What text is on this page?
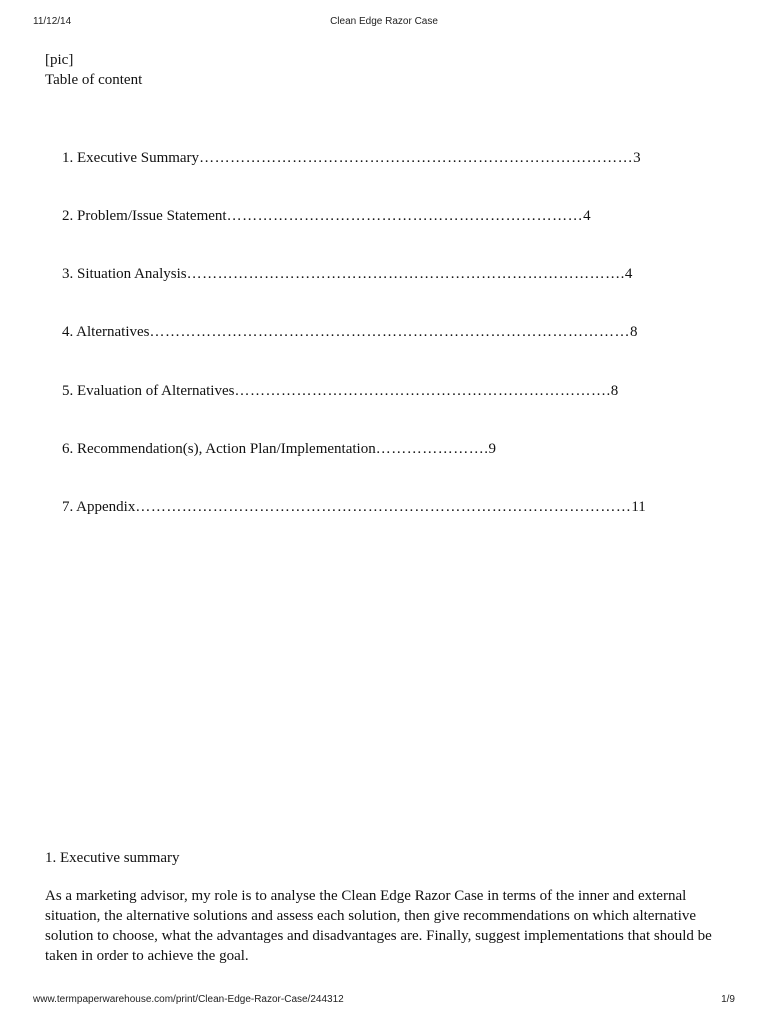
11/12/14	Clean Edge Razor Case
[pic]
Table of content
1. Executive Summary…………………………………………………………………………3
2. Problem/Issue Statement……………………………………………………………4
3. Situation Analysis………………………………………………………………………….4
4. Alternatives…………………………………………………………………………………8
5. Evaluation of Alternatives……………………………………………………………….8
6. Recommendation(s), Action Plan/Implementation………………….9
7. Appendix……………………………………………………………………………………11
1. Executive summary
As a marketing advisor, my role is to analyse the Clean Edge Razor Case in terms of the inner and external situation, the alternative solutions and assess each solution, then give recommendations on which alternative solution to choose, what the advantages and disadvantages are. Finally, suggest implementations that should be taken in order to achieve the goal.
www.termpaperwarehouse.com/print/Clean-Edge-Razor-Case/244312	1/9
